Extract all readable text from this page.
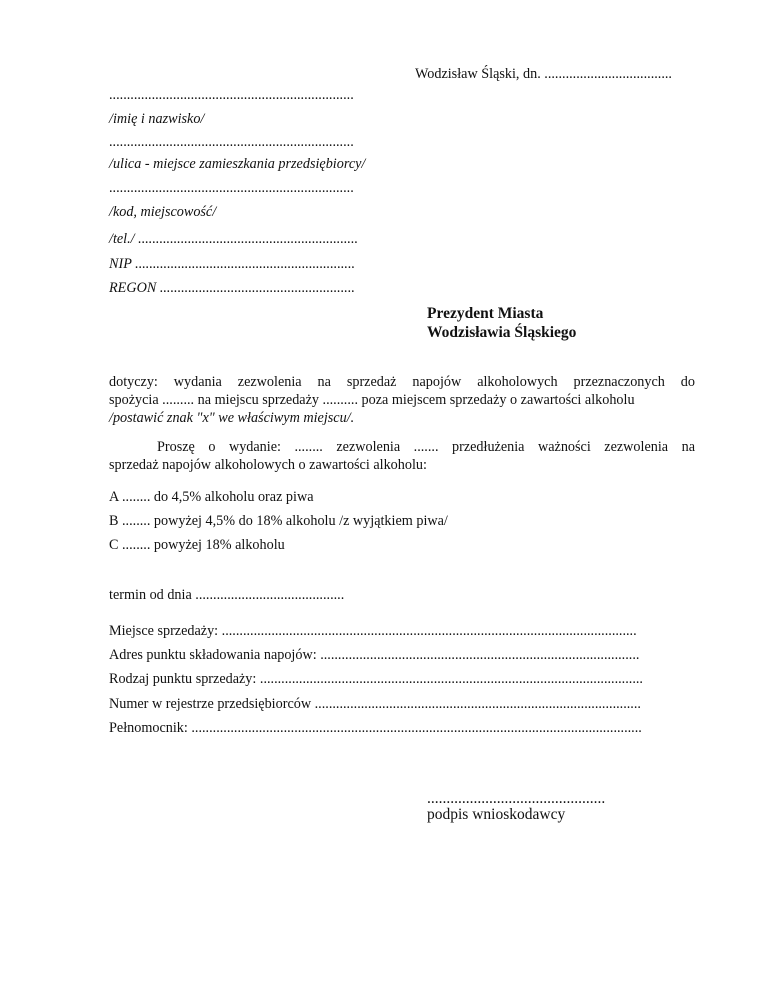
Wodzisław Śląski, dn. ....................................
.....................................................................
/imię i nazwisko/
.....................................................................
/ulica - miejsce zamieszkania przedsiębiorcy/
.....................................................................
/kod, miejscowość/
/tel./ ..............................................................
NIP ..............................................................
REGON .......................................................
Prezydent Miasta
Wodzisławia Śląskiego
dotyczy: wydania zezwolenia na sprzedaż napojów alkoholowych przeznaczonych do
spożycia ......... na miejscu sprzedaży .......... poza miejscem sprzedaży o zawartości alkoholu
/postawić znak "x" we właściwym miejscu/.
Proszę o wydanie: ........ zezwolenia ....... przedłużenia ważności zezwolenia na
sprzedaż napojów alkoholowych o zawartości alkoholu:
A ........ do 4,5% alkoholu oraz piwa
B ........ powyżej 4,5% do 18% alkoholu /z wyjątkiem piwa/
C ........ powyżej 18% alkoholu
termin od dnia ..........................................
Miejsce sprzedaży: .....................................................................................................................
Adres punktu składowania napojów: ..........................................................................................
Rodzaj punktu sprzedaży: ............................................................................................................
Numer w rejestrze przedsiębiorców ............................................................................................
Pełnomocnik: ...............................................................................................................................
..............................................
podpis wnioskodawcy
